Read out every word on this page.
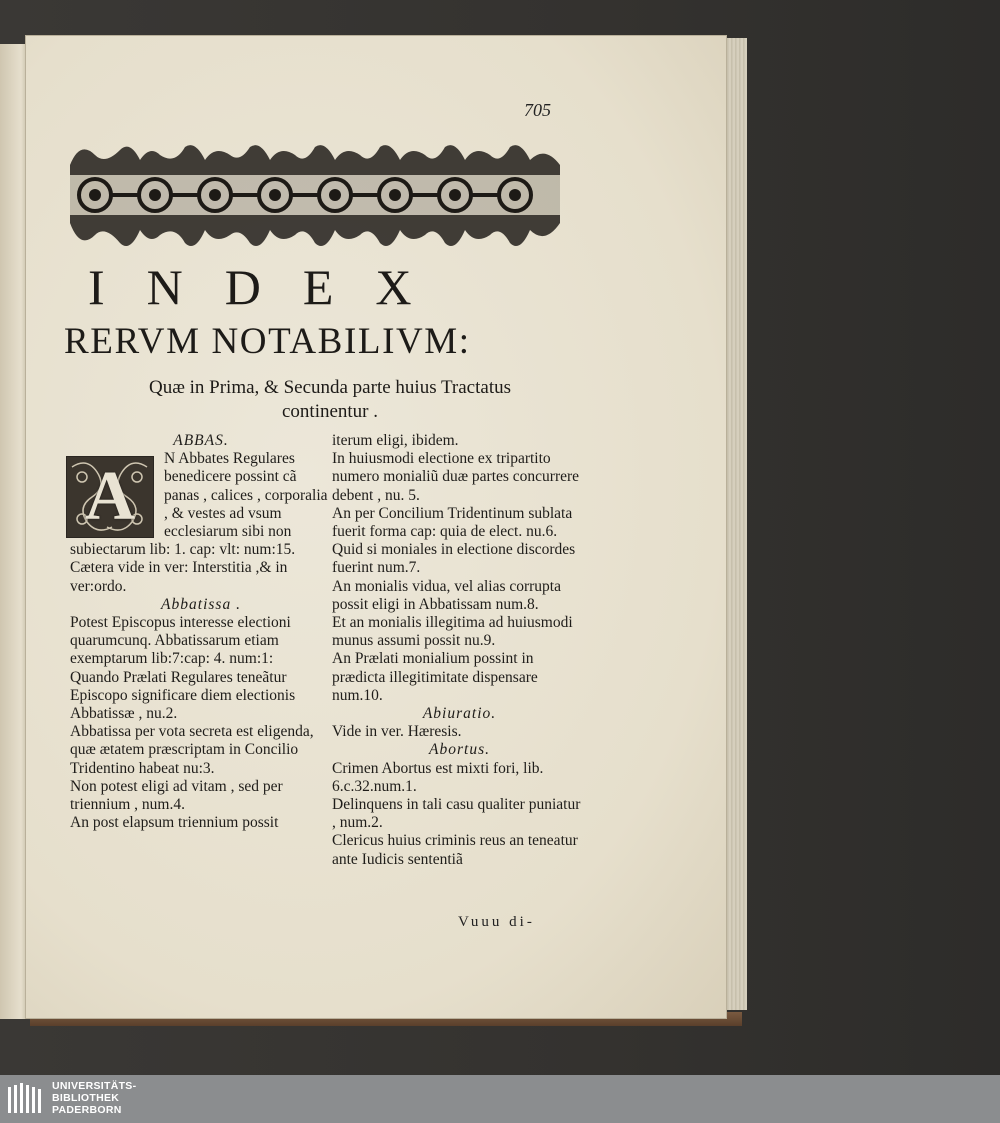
705
INDEX
RERVM NOTABILIVM:
Quæ in Prima, & Secunda parte huius Tractatus
continentur .

ABBAS.

A	N Abbates Regulares benedicere possint cã panas , calices , corporalia , & vestes ad vsum ecclesiarum sibi non subiectarum lib: 1. cap: vlt: num:15.

Cætera vide in ver: Interstitia ,& in ver:ordo.

Abbatissa .

Potest Episcopus interesse electioni quarumcunq. Abbatissarum etiam exemptarum lib:7:cap: 4. num:1:

Quando Prælati Regulares teneãtur Episcopo significare diem electionis Abbatissæ , nu.2.

Abbatissa per vota secreta est eligenda, quæ ætatem præscriptam in Concilio Tridentino habeat nu:3.

Non potest eligi ad vitam , sed per triennium , num.4.

An post elapsum triennium possit

iterum eligi, ibidem.

In huiusmodi electione ex tripartito numero monialiũ duæ partes concurrere debent , nu. 5.

An per Concilium Tridentinum sublata fuerit forma cap: quia de elect. nu.6.

Quid si moniales in electione discordes fuerint num.7.

An monialis vidua, vel alias corrupta possit eligi in Abbatissam num.8.

Et an monialis illegitima ad huiusmodi munus assumi possit nu.9.

An Prælati monialium possint in prædicta illegitimitate dispensare num.10.

Abiuratio.

Vide in ver. Hæresis.

Abortus.

Crimen Abortus est mixti fori, lib. 6.c.32.num.1.

Delinquens in tali casu qualiter puniatur , num.2.

Clericus huius criminis reus an teneatur ante Iudicis sententiã

Vuuu di-
UNIVERSITÄTS-
BIBLIOTHEK
PADERBORN
